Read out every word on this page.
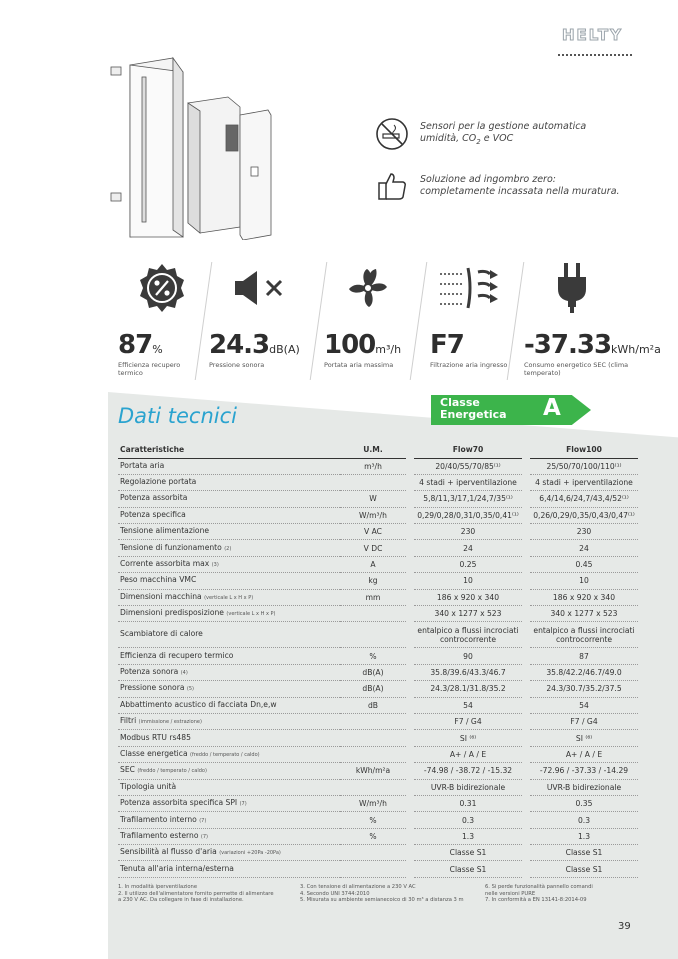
HELTY
Sensori per la gestione automatica umidità, $CO_2$ e VOC
Soluzione ad ingombro zero: completamente incassata nella muratura.
87%
Efficienza recupero termico
24.3dB(A)
Pressione sonora
100m³/h
Portata aria massima
F7
Filtrazione aria ingresso
-37.33kWh/m²a
Consumo energetico SEC (clima temperato)
Dati tecnici
Classe
Energetica A
Caratteristiche	U.M.		Flow70		Flow100
Portata aria	m³/h		20/40/55/70/85⁽¹⁾		25/50/70/100/110⁽¹⁾
Regolazione portata			4 stadi + iperventilazione		4 stadi + iperventilazione
Potenza assorbita	W		5,8/11,3/17,1/24,7/35⁽¹⁾		6,4/14,6/24,7/43,4/52⁽¹⁾
Potenza specifica	W/m³/h		0,29/0,28/0,31/0,35/0,41⁽¹⁾		0,26/0,29/0,35/0,43/0,47⁽¹⁾
Tensione alimentazione	V AC		230		230
Tensione di funzionamento (2)	V DC		24		24
Corrente assorbita max (3)	A		0.25		0.45
Peso macchina VMC	kg		10		10
Dimensioni macchina (verticale L x H x P)	mm		186 x 920 x 340		186 x 920 x 340
Dimensioni predisposizione (verticale L x H x P)			340 x 1277 x 523		340 x 1277 x 523
Scambiatore di calore			entalpico a flussi incrociati controcorrente		entalpico a flussi incrociati controcorrente
Efficienza di recupero termico	%		90		87
Potenza sonora (4)	dB(A)		35.8/39.6/43.3/46.7		35.8/42.2/46.7/49.0
Pressione sonora (5)	dB(A)		24.3/28.1/31.8/35.2		24.3/30.7/35.2/37.5
Abbattimento acustico di facciata Dn,e,w	dB		54		54
Filtri (immissione / estrazione)			F7 / G4		F7 / G4
Modbus RTU rs485			SI ⁽⁶⁾		SI ⁽⁶⁾
Classe energetica (freddo / temperato / caldo)			A+ / A / E		A+ / A / E
SEC (freddo / temperato / caldo)	kWh/m²a		-74.98 / -38.72 / -15.32		-72.96 / -37.33 / -14.29
Tipologia unità			UVR-B bidirezionale		UVR-B bidirezionale
Potenza assorbita specifica SPI (7)	W/m³/h		0.31		0.35
Trafilamento interno (7)	%		0.3		0.3
Trafilamento esterno (7)	%		1.3		1.3
Sensibilità al flusso d'aria (variazioni +20Pa -20Pa)			Classe S1		Classe S1
Tenuta all'aria interna/esterna			Classe S1		Classe S1
1. In modalità iperventilazione
2. Il utilizzo dell'alimentatore fornito permette di alimentare
a 230 V AC. Da collegare in fase di installazione.
3. Con tensione di alimentazione a 230 V AC
4. Secondo UNI 3744:2010
5. Misurata su ambiente semianecoico di 30 m³ a distanza 3 m
6. Si perde funzionalità pannello comandi
nelle versioni PURE
7. In conformità a EN 13141-8:2014-09
39
